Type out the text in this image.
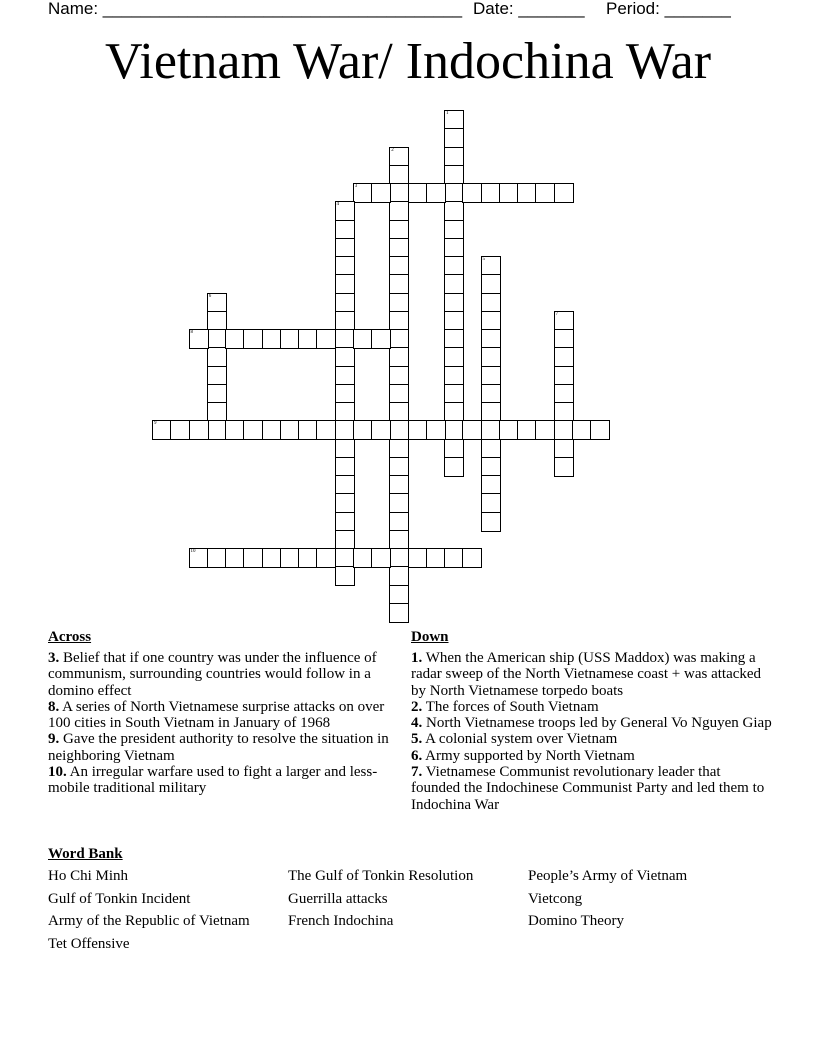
Name: ______________________________________ Date: _______ Period: _______
Vietnam War/ Indochina War
1
2
3
4
5
6
7
8
9
10
Across

3. Belief that if one country was under the influence of communism, surrounding countries would follow in a domino effect

8. A series of North Vietnamese surprise attacks on over 100 cities in South Vietnam in January of 1968

9. Gave the president authority to resolve the situation in neighboring Vietnam

10. An irregular warfare used to fight a larger and less-mobile traditional military

Down

1. When the American ship (USS Maddox) was making a radar sweep of the North Vietnamese coast + was attacked by North Vietnamese torpedo boats

2. The forces of South Vietnam

4. North Vietnamese troops led by General Vo Nguyen Giap

5. A colonial system over Vietnam

6. Army supported by North Vietnam

7. Vietnamese Communist revolutionary leader that founded the Indochinese Communist Party and led them to Indochina War

Word Bank
Ho Chi Minh	The Gulf of Tonkin Resolution	People’s Army of Vietnam
Gulf of Tonkin Incident	Guerrilla attacks	Vietcong
Army of the Republic of Vietnam	French Indochina	Domino Theory
Tet Offensive
